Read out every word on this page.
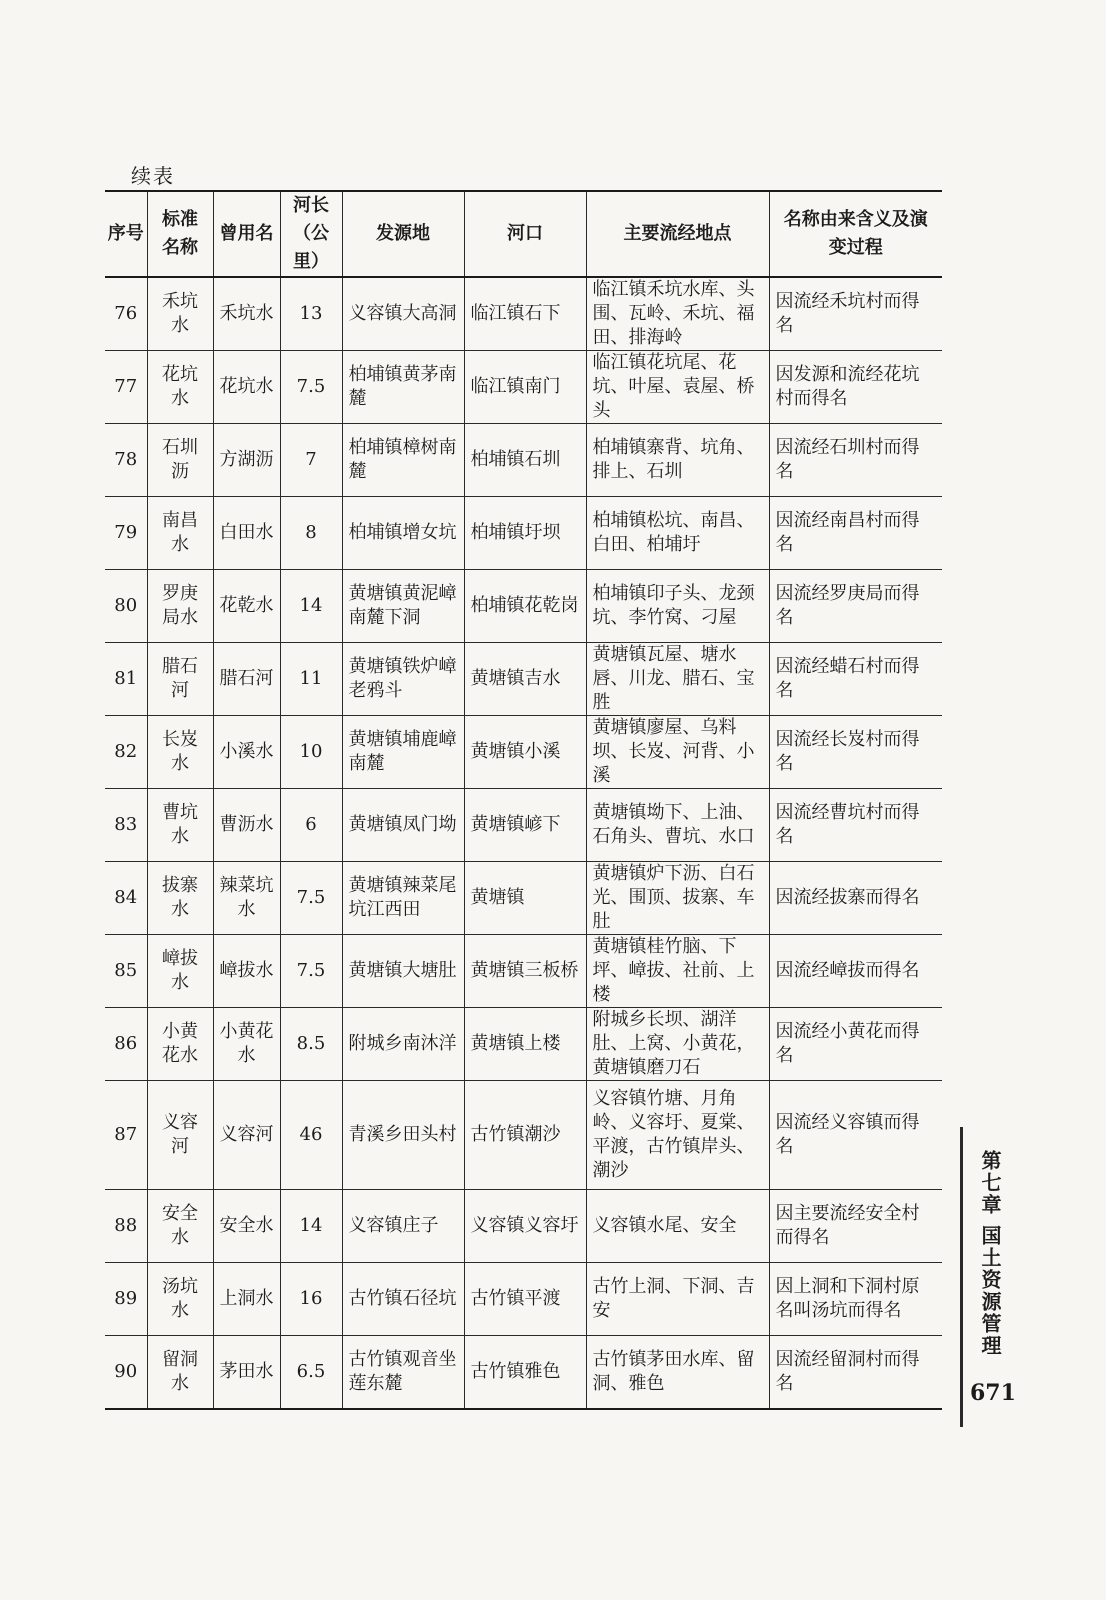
续表
序号	标准名称	曾用名	河长（公里）	发源地	河口	主要流经地点	名称由来含义及演变过程
76	禾坑水	禾坑水	13	义容镇大高洞	临江镇石下	临江镇禾坑水库、头围、瓦岭、禾坑、福田、排海岭	因流经禾坑村而得名
77	花坑水	花坑水	7.5	柏埔镇黄茅南麓	临江镇南门	临江镇花坑尾、花坑、叶屋、袁屋、桥头	因发源和流经花坑村而得名
78	石圳沥	方湖沥	7	柏埔镇樟树南麓	柏埔镇石圳	柏埔镇寨背、坑角、排上、石圳	因流经石圳村而得名
79	南昌水	白田水	8	柏埔镇增女坑	柏埔镇圩坝	柏埔镇松坑、南昌、白田、柏埔圩	因流经南昌村而得名
80	罗庚局水	花乾水	14	黄塘镇黄泥嶂南麓下洞	柏埔镇花乾岗	柏埔镇印子头、龙颈坑、李竹窝、刁屋	因流经罗庚局而得名
81	腊石河	腊石河	11	黄塘镇铁炉嶂老鸦斗	黄塘镇吉水	黄塘镇瓦屋、塘水唇、川龙、腊石、宝胜	因流经蜡石村而得名
82	长岌水	小溪水	10	黄塘镇埔鹿嶂南麓	黄塘镇小溪	黄塘镇廖屋、乌料坝、长岌、河背、小溪	因流经长岌村而得名
83	曹坑水	曹沥水	6	黄塘镇凤门坳	黄塘镇嵃下	黄塘镇坳下、上油、石角头、曹坑、水口	因流经曹坑村而得名
84	拔寨水	辣菜坑水	7.5	黄塘镇辣菜尾坑江西田	黄塘镇	黄塘镇炉下沥、白石光、围顶、拔寨、车肚	因流经拔寨而得名
85	嶂拔水	嶂拔水	7.5	黄塘镇大塘肚	黄塘镇三板桥	黄塘镇桂竹脑、下坪、嶂拔、社前、上楼	因流经嶂拔而得名
86	小黄花水	小黄花水	8.5	附城乡南沐洋	黄塘镇上楼	附城乡长坝、湖洋肚、上窝、小黄花，黄塘镇磨刀石	因流经小黄花而得名
87	义容河	义容河	46	青溪乡田头村	古竹镇潮沙	义容镇竹塘、月角岭、义容圩、夏棠、平渡，古竹镇岸头、潮沙	因流经义容镇而得名
88	安全水	安全水	14	义容镇庄子	义容镇义容圩	义容镇水尾、安全	因主要流经安全村而得名
89	汤坑水	上洞水	16	古竹镇石径坑	古竹镇平渡	古竹上洞、下洞、吉安	因上洞和下洞村原名叫汤坑而得名
90	留洞水	茅田水	6.5	古竹镇观音坐莲东麓	古竹镇雅色	古竹镇茅田水库、留洞、雅色	因流经留洞村而得名
第七章 国土资源管理
671
